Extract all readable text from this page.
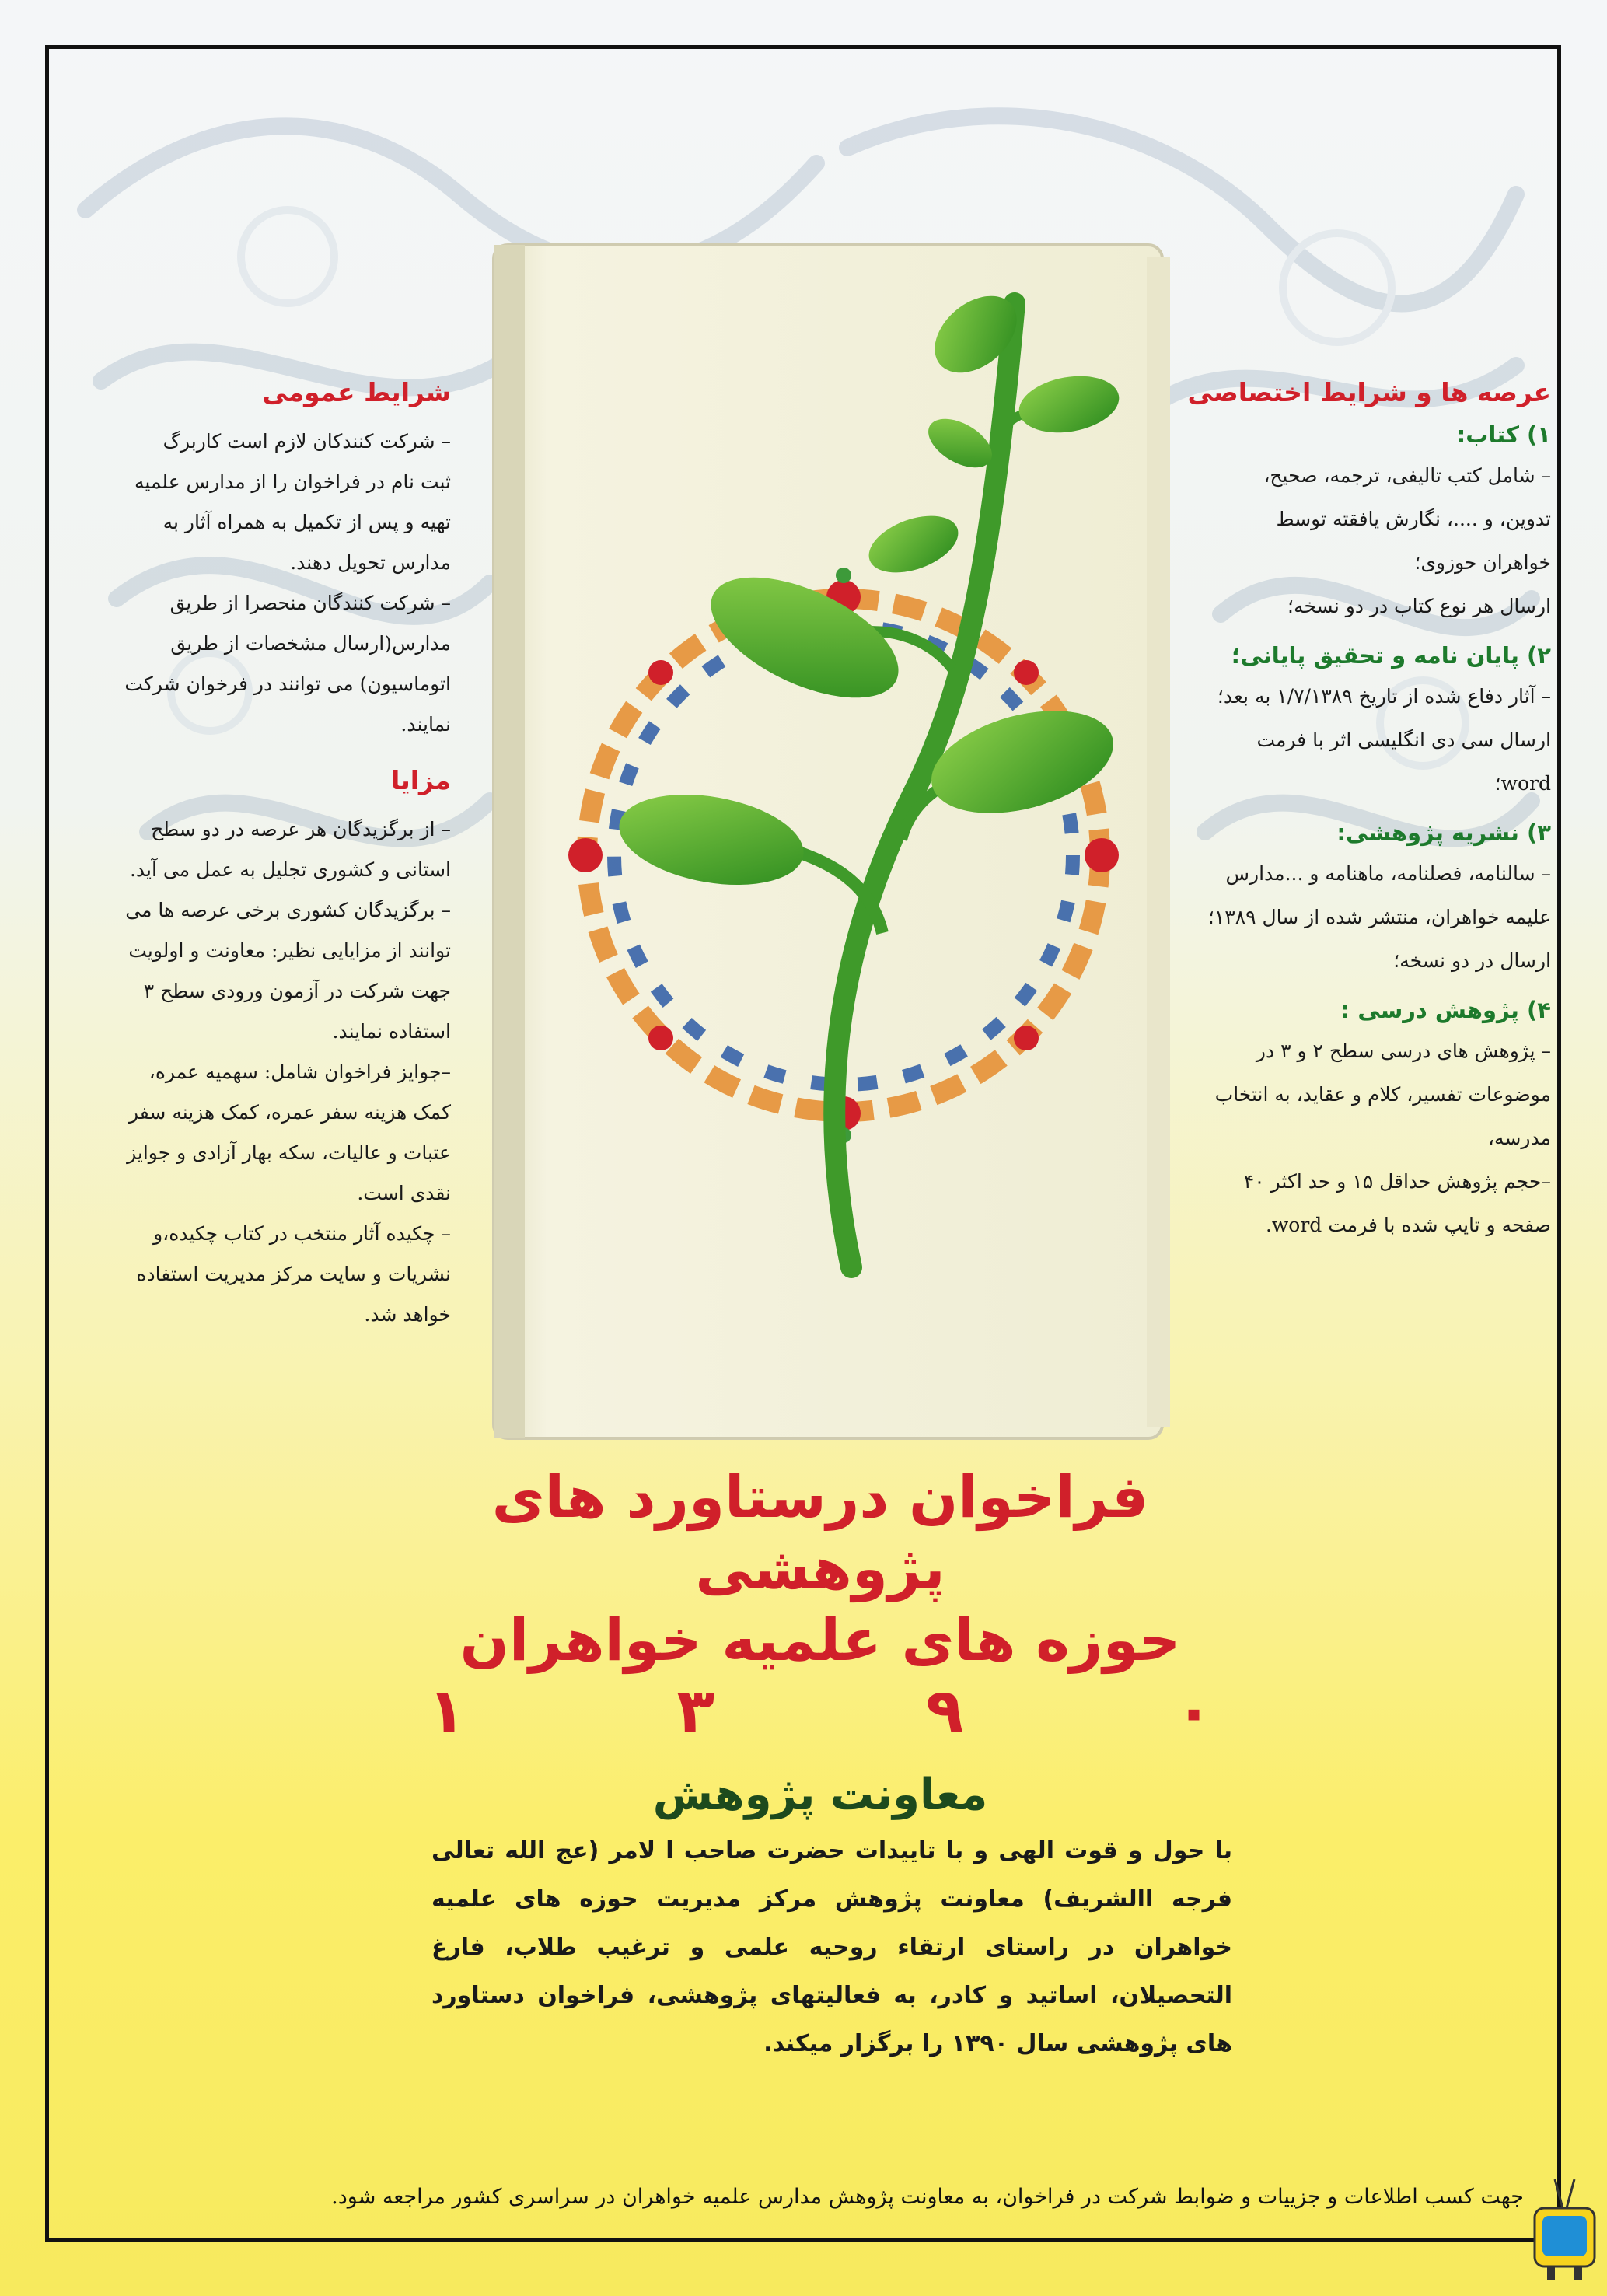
عرصه ها و شرایط اختصاصی

۱) کتاب:

– شامل کتب تالیفی، ترجمه، صحیح،

تدوین، و ....، نگارش یافقته توسط

خواهران حوزوی؛

ارسال هر نوع کتاب در دو نسخه؛

۲) پایان نامه و تحقیق پایانی؛

– آثار دفاع شده از تاریخ ۱/۷/۱۳۸۹ به بعد؛

ارسال سی دی انگلیسی اثر با فرمت

word؛

۳) نشریه پژوهشی:

– سالنامه، فصلنامه، ماهنامه و ...مدارس

علیمه خواهران، منتشر شده از سال ۱۳۸۹؛

ارسال در دو نسخه؛

۴) پژوهش درسی :

– پژوهش های درسی سطح ۲ و ۳ در

موضوعات تفسیر، کلام و عقاید، به انتخاب

مدرسه،

–حجم پژوهش حداقل ۱۵ و حد اکثر ۴۰

صفحه و تایپ شده با فرمت word.

شرایط عمومی

– شرکت کنندکان لازم است کاربرگ

ثبت نام در فراخوان را از مدارس علمیه

تهیه و پس از تکمیل به همراه آثار به

مدارس تحویل دهند.

– شرکت کنندگان منحصرا از طریق

مدارس(ارسال مشخصات از طریق

اتوماسیون) می توانند در فرخوان شرکت

نمایند.

مزایا

– از برگزیدگان هر عرصه در دو سطح

استانی و کشوری تجلیل به عمل می آید.

– برگزیدگان کشوری برخی عرصه ها می

توانند از مزایایی نظیر: معاونت و اولویت

جهت شرکت در آزمون ورودی سطح ۳

استفاده نمایند.

–جوایز فراخوان شامل: سهمیه عمره،

کمک هزینه سفر عمره، کمک هزینه سفر

عتبات و عالیات، سکه بهار آزادی و جوایز

نقدی است.

– چکیده آثار منتخب در کتاب چکیده،و

نشریات و سایت مرکز مدیریت استفاده

خواهد شد.

فراخوان درستاورد های پژوهشی

حوزه های علمیه خواهران

۰
۹
۳
۱

معاونت پژوهش

با حول و قوت الهی و با تاییدات حضرت صاحب ا لامر (عج الله تعالی فرجه االشریف) معاونت پژوهش مرکز مدیریت حوزه های علمیه خواهران در راستای ارتقاء روحیه علمی و ترغیب طلاب، فارغ التحصیلان، اساتید و کادر، به فعالیتهای پژوهشی، فراخوان دستاورد های پژوهشی سال ۱۳۹۰ را برگزار میکند.

جهت کسب اطلاعات و جزییات و ضوابط شرکت در فراخوان، به معاونت پژوهش مدارس علمیه خواهران در سراسری کشور مراجعه شود.
